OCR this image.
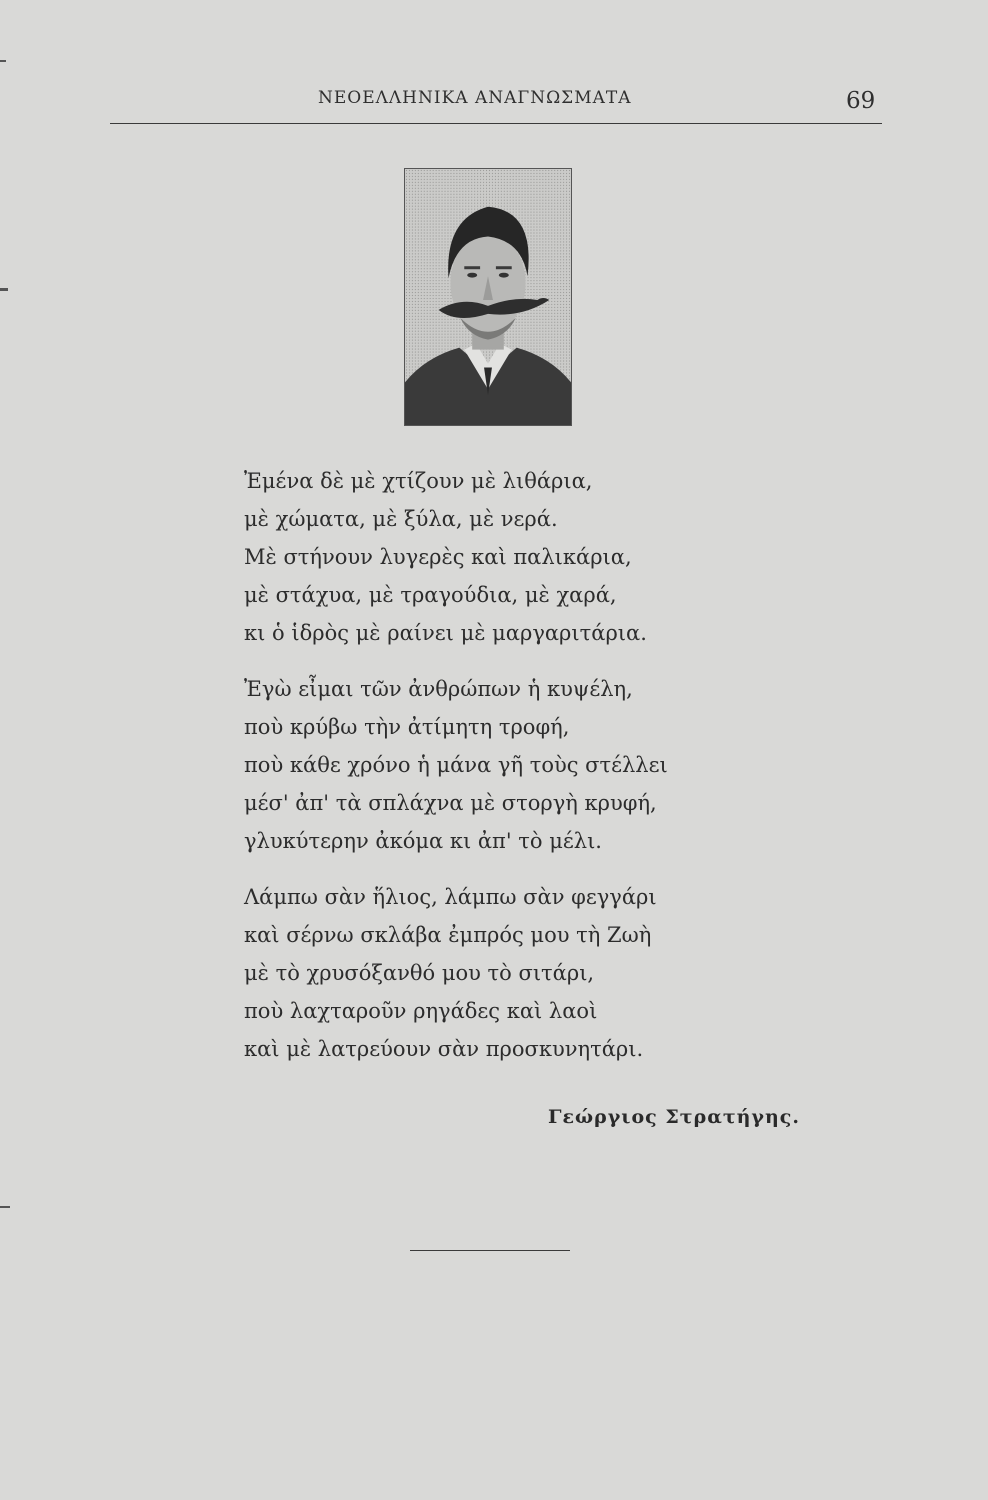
ΝΕΟΕΛΛΗΝΙΚΑ ΑΝΑΓΝΩΣΜΑΤΑ	69
Ἐμένα δὲ μὲ χτίζουν μὲ λιθάρια,
μὲ χώματα, μὲ ξύλα, μὲ νερά.
Μὲ στήνουν λυγερὲς καὶ παλικάρια,
μὲ στάχυα, μὲ τραγούδια, μὲ χαρά,
κι ὁ ἱδρὸς μὲ ραίνει μὲ μαργαριτάρια.
Ἐγὼ εἶμαι τῶν ἀνθρώπων ἡ κυψέλη,
ποὺ κρύβω τὴν ἀτίμητη τροφή,
ποὺ κάθε χρόνο ἡ μάνα γῆ τοὺς στέλλει
μέσ' ἀπ' τὰ σπλάχνα μὲ στοργὴ κρυφή,
γλυκύτερην ἀκόμα κι ἀπ' τὸ μέλι.
Λάμπω σὰν ἥλιος, λάμπω σὰν φεγγάρι
καὶ σέρνω σκλάβα ἐμπρός μου τὴ Ζωὴ
μὲ τὸ χρυσόξανθό μου τὸ σιτάρι,
ποὺ λαχταροῦν ρηγάδες καὶ λαοὶ
καὶ μὲ λατρεύουν σὰν προσκυνητάρι.
Γεώργιος Στρατήγης.
